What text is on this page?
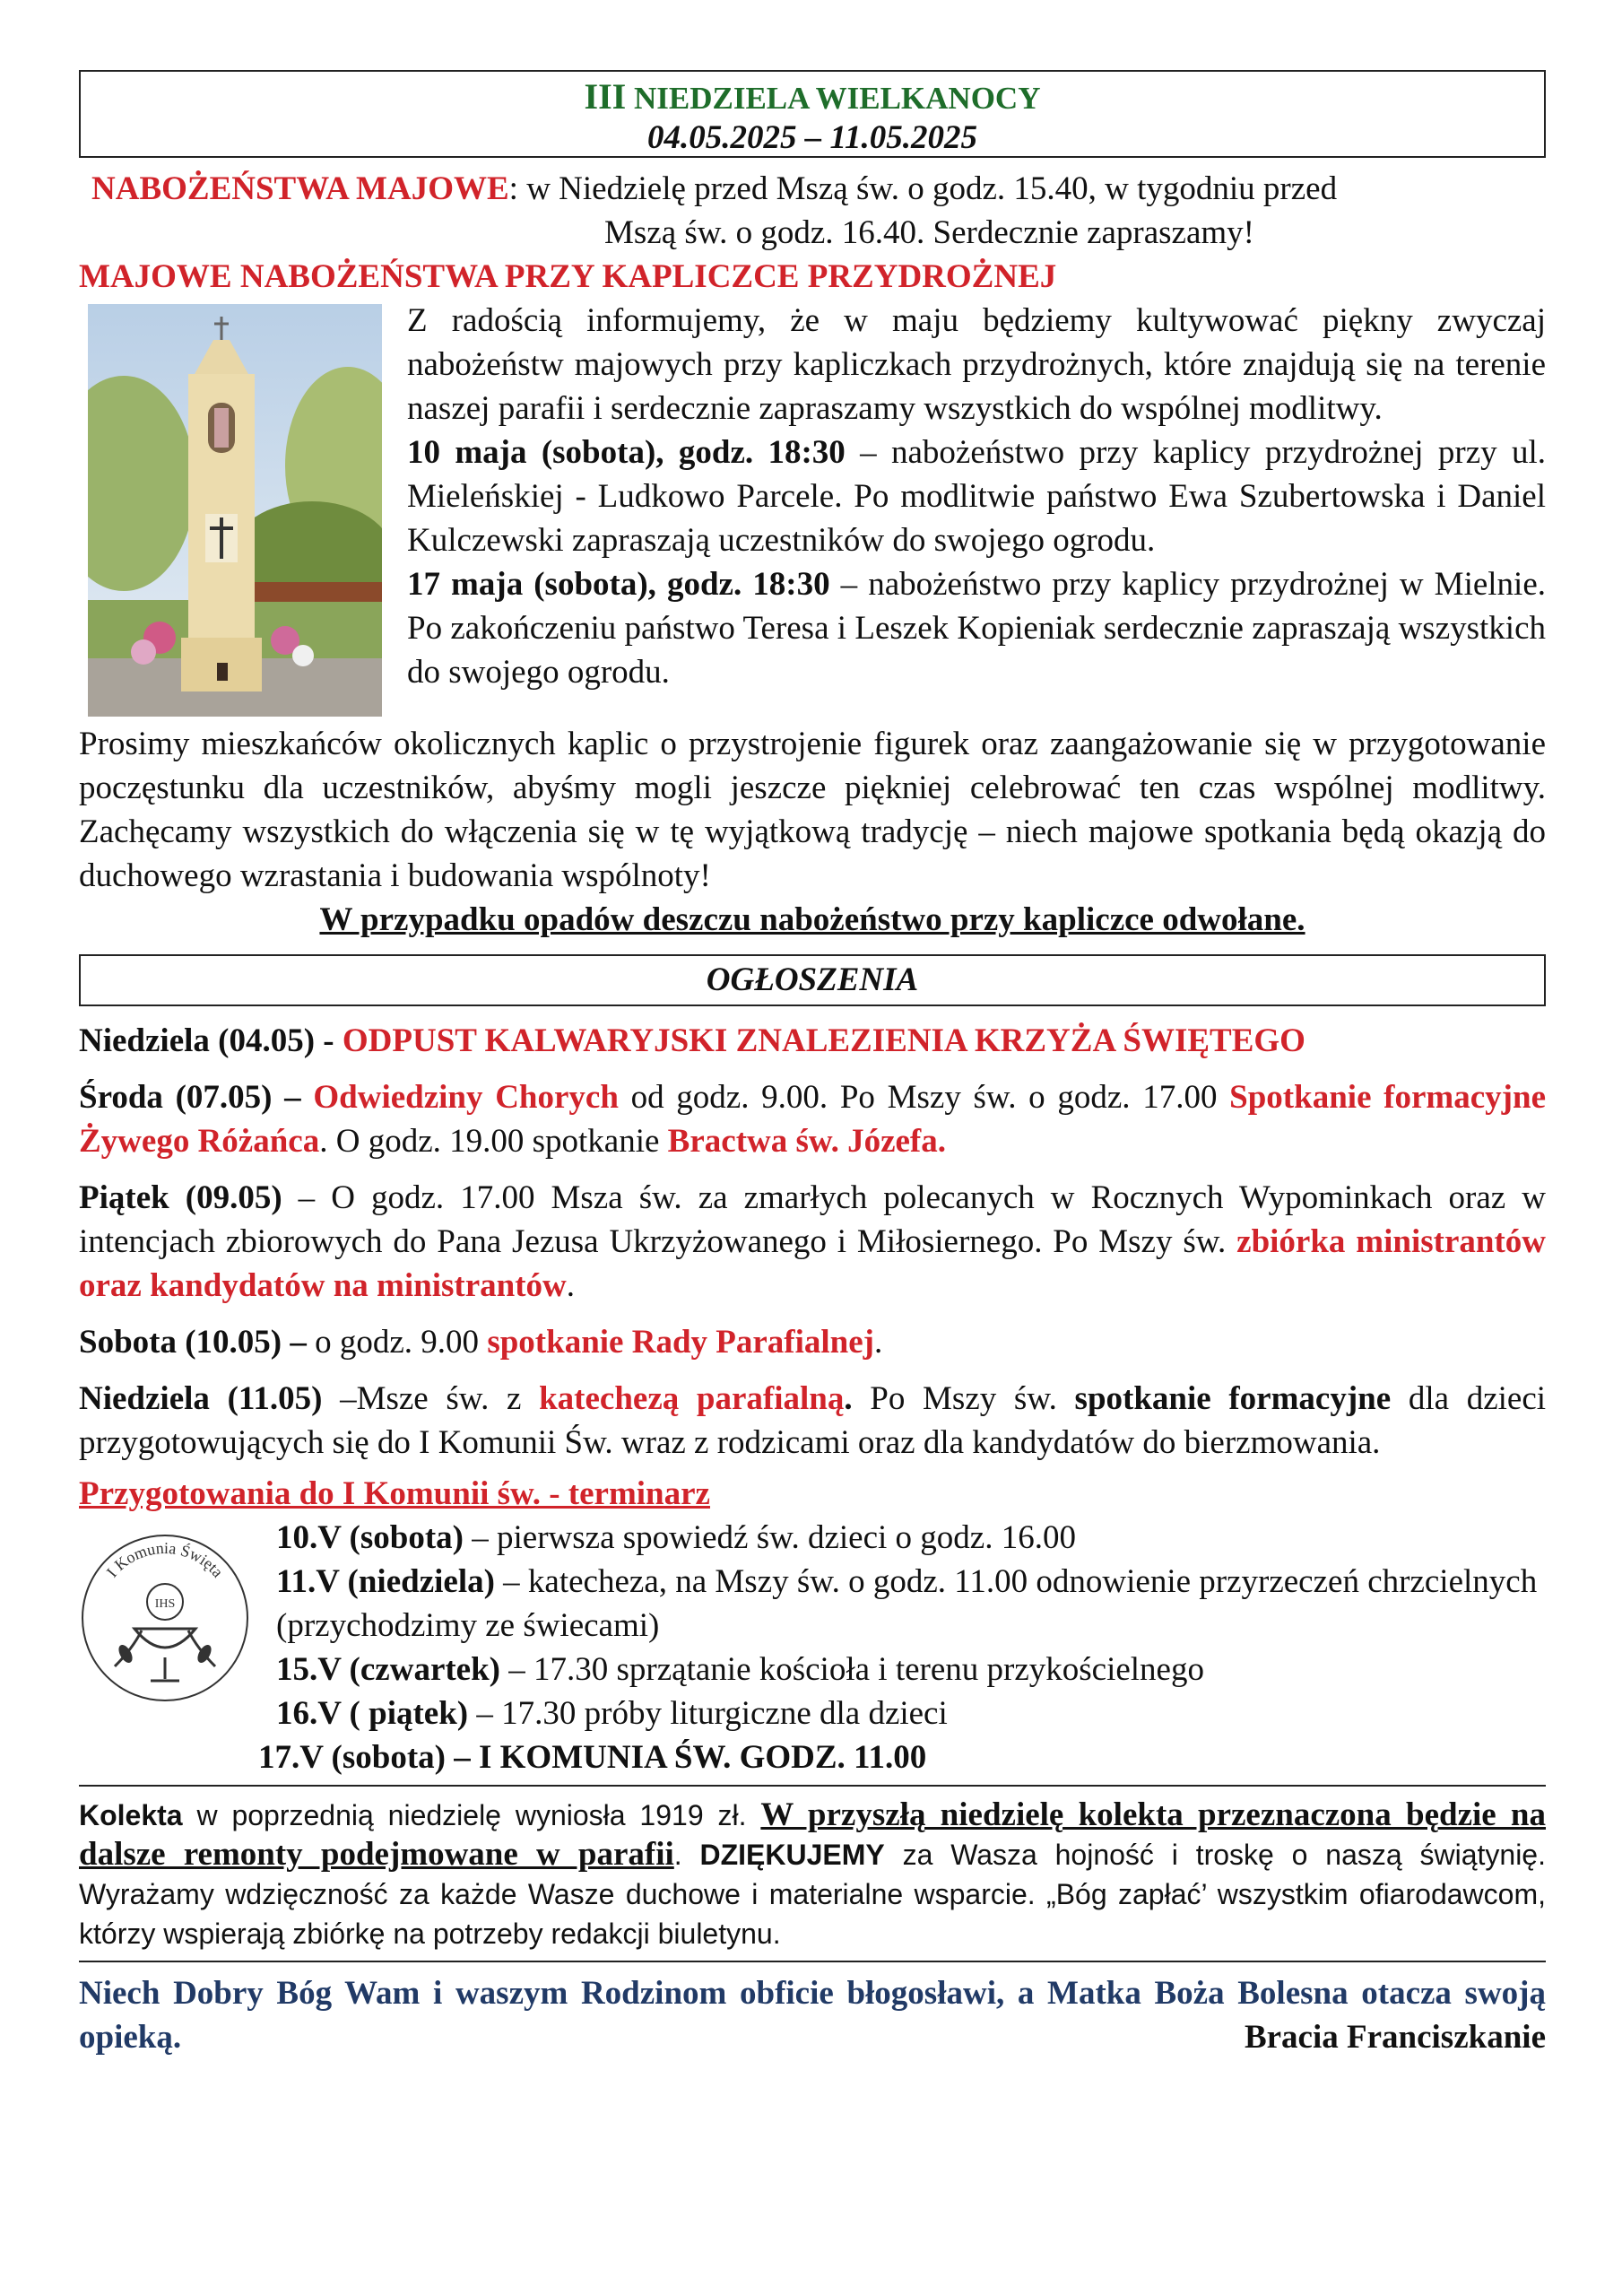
III NIEDZIELA WIELKANOCY
04.05.2025 – 11.05.2025
NABOŻEŃSTWA MAJOWE: w Niedzielę przed Mszą św. o godz. 15.40, w tygodniu przed
Mszą św. o godz. 16.40. Serdecznie zapraszamy!
MAJOWE NABOŻEŃSTWA PRZY KAPLICZCE PRZYDROŻNEJ

Z radością informujemy, że w maju będziemy kultywować piękny zwyczaj nabożeństw majowych przy kapliczkach przydrożnych, które znajdują się na terenie naszej parafii i serdecznie zapraszamy wszystkich do wspólnej modlitwy.

10 maja (sobota), godz. 18:30 – nabożeństwo przy kaplicy przydrożnej przy ul. Mieleńskiej - Ludkowo Parcele. Po modlitwie państwo Ewa Szubertowska i Daniel Kulczewski zapraszają uczestników do swojego ogrodu.

17 maja (sobota), godz. 18:30 – nabożeństwo przy kaplicy przydrożnej w Mielnie. Po zakończeniu państwo Teresa i Leszek Kopieniak serdecznie zapraszają wszystkich do swojego ogrodu.

Prosimy mieszkańców okolicznych kaplic o przystrojenie figurek oraz zaangażowanie się w przygotowanie poczęstunku dla uczestników, abyśmy mogli jeszcze piękniej celebrować ten czas wspólnej modlitwy. Zachęcamy wszystkich do włączenia się w tę wyjątkową tradycję – niech majowe spotkania będą okazją do duchowego wzrastania i budowania wspólnoty!

W przypadku opadów deszczu nabożeństwo przy kapliczce odwołane.
OGŁOSZENIA

Niedziela (04.05) - ODPUST KALWARYJSKI ZNALEZIENIA KRZYŻA ŚWIĘTEGO

Środa (07.05) – Odwiedziny Chorych od godz. 9.00. Po Mszy św. o godz. 17.00 Spotkanie formacyjne Żywego Różańca. O godz. 19.00 spotkanie Bractwa św. Józefa.

Piątek (09.05) – O godz. 17.00 Msza św. za zmarłych polecanych w Rocznych Wypominkach oraz w intencjach zbiorowych do Pana Jezusa Ukrzyżowanego i Miłosiernego. Po Mszy św. zbiórka ministrantów oraz kandydatów na ministrantów.

Sobota (10.05) – o godz. 9.00 spotkanie Rady Parafialnej.

Niedziela (11.05) –Msze św. z katechezą parafialną. Po Mszy św. spotkanie formacyjne dla dzieci przygotowujących się do I Komunii Św. wraz z rodzicami oraz dla kandydatów do bierzmowania.

Przygotowania do I Komunii św. - terminarz
I Komunia Święta
IHS
10.V (sobota) – pierwsza spowiedź św. dzieci o godz. 16.00
11.V (niedziela) – katecheza, na Mszy św. o godz. 11.00 odnowienie przyrzeczeń chrzcielnych (przychodzimy ze świecami)
15.V (czwartek) – 17.30 sprzątanie kościoła i terenu przykościelnego
16.V ( piątek) – 17.30 próby liturgiczne dla dzieci
17.V (sobota) – I KOMUNIA ŚW. GODZ. 11.00
Kolekta w poprzednią niedzielę wyniosła 1919 zł. W przyszłą niedzielę kolekta przeznaczona będzie na dalsze remonty podejmowane w parafii. DZIĘKUJEMY za Wasza hojność i troskę o naszą świątynię. Wyrażamy wdzięczność za każde Wasze duchowe i materialne wsparcie. „Bóg zapłać’ wszystkim ofiarodawcom, którzy wspierają zbiórkę na potrzeby redakcji biuletynu.
Niech Dobry Bóg Wam i waszym Rodzinom obficie błogosławi, a Matka Boża Bolesna otacza swoją opieką.	Bracia Franciszkanie
